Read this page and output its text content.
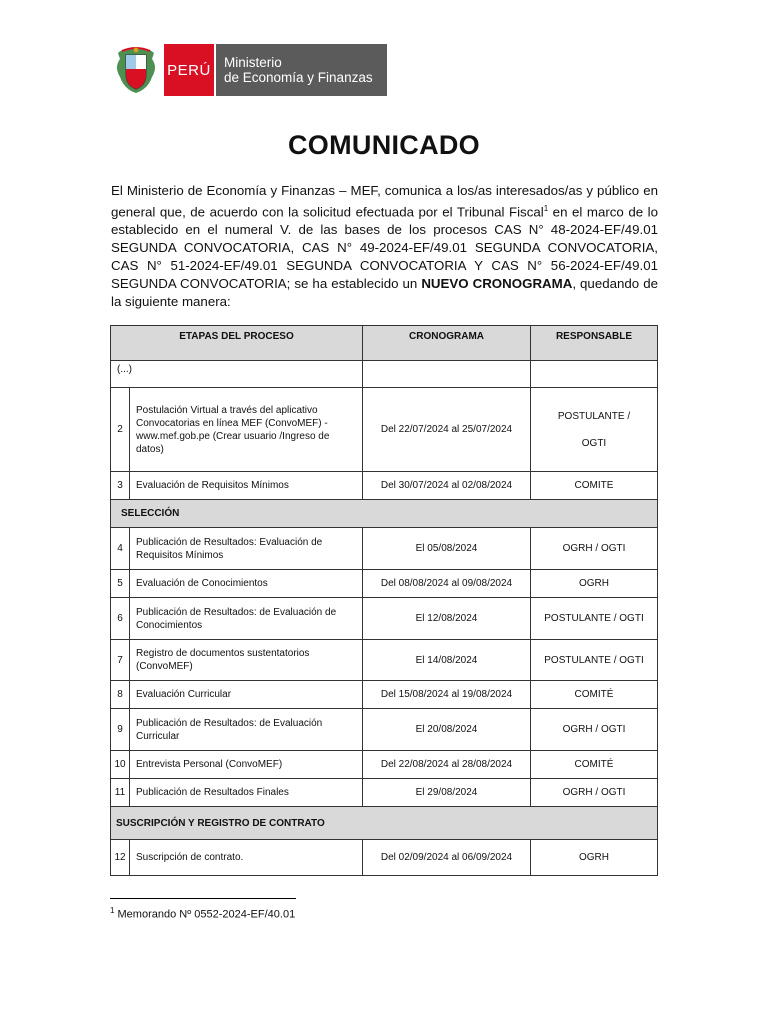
PERÚ Ministerio
de Economía y Finanzas
COMUNICADO
El Ministerio de Economía y Finanzas – MEF, comunica a los/as interesados/as y público en general que, de acuerdo con la solicitud efectuada por el Tribunal Fiscal$^1$ en el marco de lo establecido en el numeral V. de las bases de los procesos CAS N° 48-2024-EF/49.01 SEGUNDA CONVOCATORIA, CAS N° 49-2024-EF/49.01 SEGUNDA CONVOCATORIA, CAS N° 51-2024-EF/49.01 SEGUNDA CONVOCATORIA Y CAS N° 56-2024-EF/49.01 SEGUNDA CONVOCATORIA; se ha establecido un NUEVO CRONOGRAMA, quedando de la siguiente manera:
ETAPAS DEL PROCESO		CRONOGRAMA	RESPONSABLE
(...)			
2	Postulación Virtual a través del aplicativo Convocatorias en línea MEF (ConvoMEF) - www.mef.gob.pe (Crear usuario /Ingreso de datos)	Del 22/07/2024 al 25/07/2024	POSTULANTE /
OGTI

3	Evaluación de Requisitos Mínimos	Del 30/07/2024 al 02/08/2024	COMITE
SELECCIÓN			
4	Publicación de Resultados: Evaluación de Requisitos Mínimos	El 05/08/2024	OGRH / OGTI
5	Evaluación de Conocimientos	Del 08/08/2024 al 09/08/2024	OGRH
6	Publicación de Resultados: de Evaluación de Conocimientos	El 12/08/2024	POSTULANTE / OGTI
7	Registro de documentos sustentatorios (ConvoMEF)	El 14/08/2024	POSTULANTE / OGTI
8	Evaluación Curricular	Del 15/08/2024 al 19/08/2024	COMITÉ
9	Publicación de Resultados: de Evaluación Curricular	El 20/08/2024	OGRH / OGTI
10	Entrevista Personal (ConvoMEF)	Del 22/08/2024 al 28/08/2024	COMITÉ
11	Publicación de Resultados Finales	El 29/08/2024	OGRH / OGTI
SUSCRIPCIÓN Y REGISTRO DE CONTRATO			
12	Suscripción de contrato.	Del 02/09/2024 al 06/09/2024	OGRH
$^1$ Memorando Nº 0552-2024-EF/40.01
